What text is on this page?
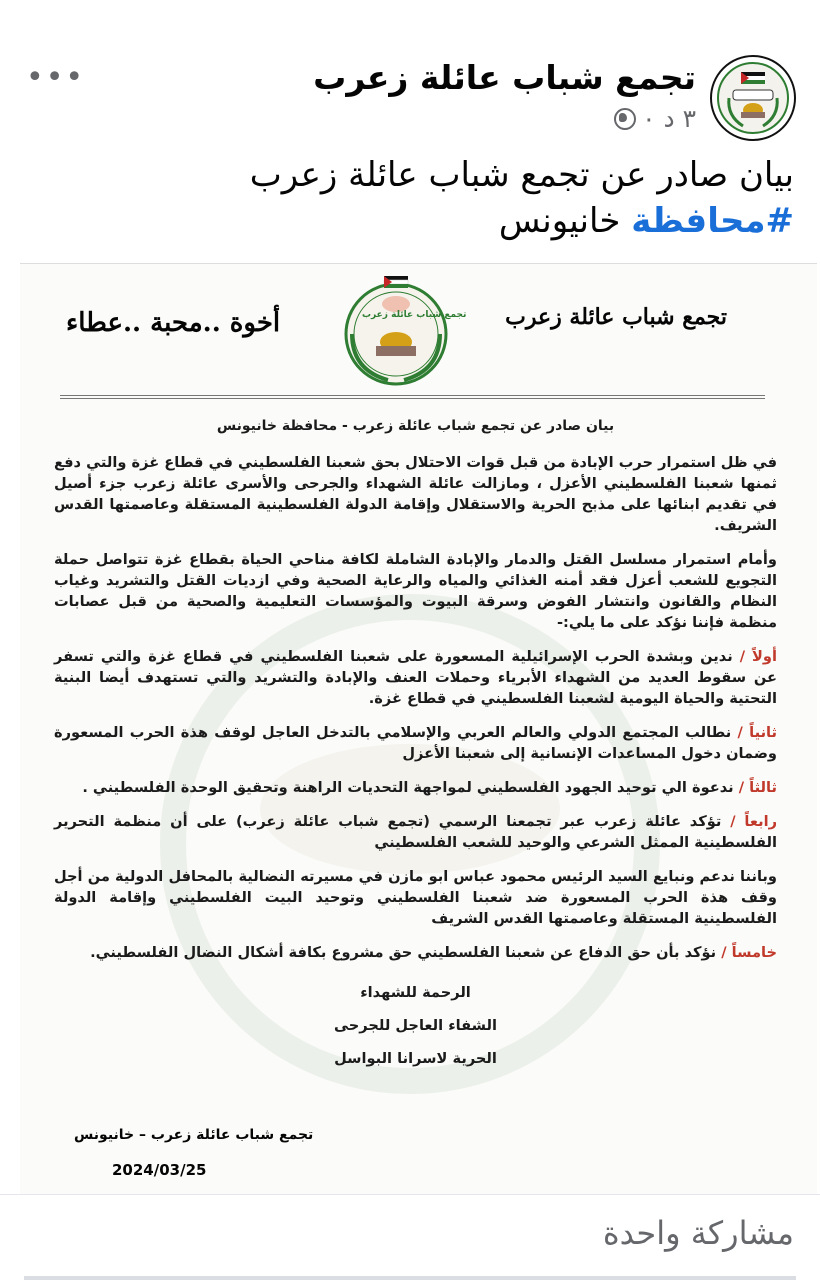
تجمع شباب عائلة زعرب
٣ د ۰
•••
بيان صادر عن تجمع شباب عائلة زعرب #محافظة خانيونس
تجمع شباب عائلة زعرب تجمع شباب عائلة زعرب
أخوة ..محبة ..عطاء

بيان صادر عن تجمع شباب عائلة زعرب - محافظة خانيونس

في ظل استمرار حرب الإبادة من قبل قوات الاحتلال بحق شعبنا الفلسطيني في قطاع غزة والتي دفع ثمنها شعبنا الفلسطيني الأعزل ، ومازالت عائلة الشهداء والجرحى والأسرى عائلة زعرب جزء أصيل في تقديم ابنائها على مذبح الحرية والاستقلال وإقامة الدولة الفلسطينية المستقلة وعاصمتها القدس الشريف.

وأمام استمرار مسلسل القتل والدمار والإبادة الشاملة لكافة مناحي الحياة بقطاع غزة تتواصل حملة التجويع للشعب أعزل فقد أمنه الغذائي والمياه والرعاية الصحية وفي ازديات القتل والتشريد وغياب النظام والقانون وانتشار الفوض وسرقة البيوت والمؤسسات التعليمية والصحية من قبل عصابات منظمة فإننا نؤكد على ما يلي:-

أولاً / ندين وبشدة الحرب الإسرائيلية المسعورة على شعبنا الفلسطيني في قطاع غزة والتي تسفر عن سقوط العديد من الشهداء الأبرياء وحملات العنف والإبادة والتشريد والتي تستهدف أيضا البنية التحتية والحياة اليومية لشعبنا الفلسطيني في قطاع غزة.

ثانياً / نطالب المجتمع الدولي والعالم العربي والإسلامي بالتدخل العاجل لوقف هذة الحرب المسعورة وضمان دخول المساعدات الإنسانية إلى شعبنا الأعزل

ثالثاً / ندعوة الي توحيد الجهود الفلسطيني لمواجهة التحديات الراهنة وتحقيق الوحدة الفلسطيني .

رابعاً / تؤكد عائلة زعرب عبر تجمعنا الرسمي (تجمع شباب عائلة زعرب) على أن منظمة التحرير الفلسطينية الممثل الشرعي والوحيد للشعب الفلسطيني

وباننا ندعم ونبايع السيد الرئيس محمود عباس ابو مازن في مسيرته النضالية بالمحافل الدولية من أجل وقف هذة الحرب المسعورة ضد شعبنا الفلسطيني وتوحيد البيت الفلسطيني وإقامة الدولة الفلسطينية المستقلة وعاصمتها القدس الشريف

خامساً / نؤكد بأن حق الدفاع عن شعبنا الفلسطيني حق مشروع بكافة أشكال النضال الفلسطيني.

الرحمة للشهداء

الشفاء العاجل للجرحى

الحرية لاسرانا البواسل

تجمع شباب عائلة زعرب – خانيونس
2024/03/25
مشاركة واحدة
